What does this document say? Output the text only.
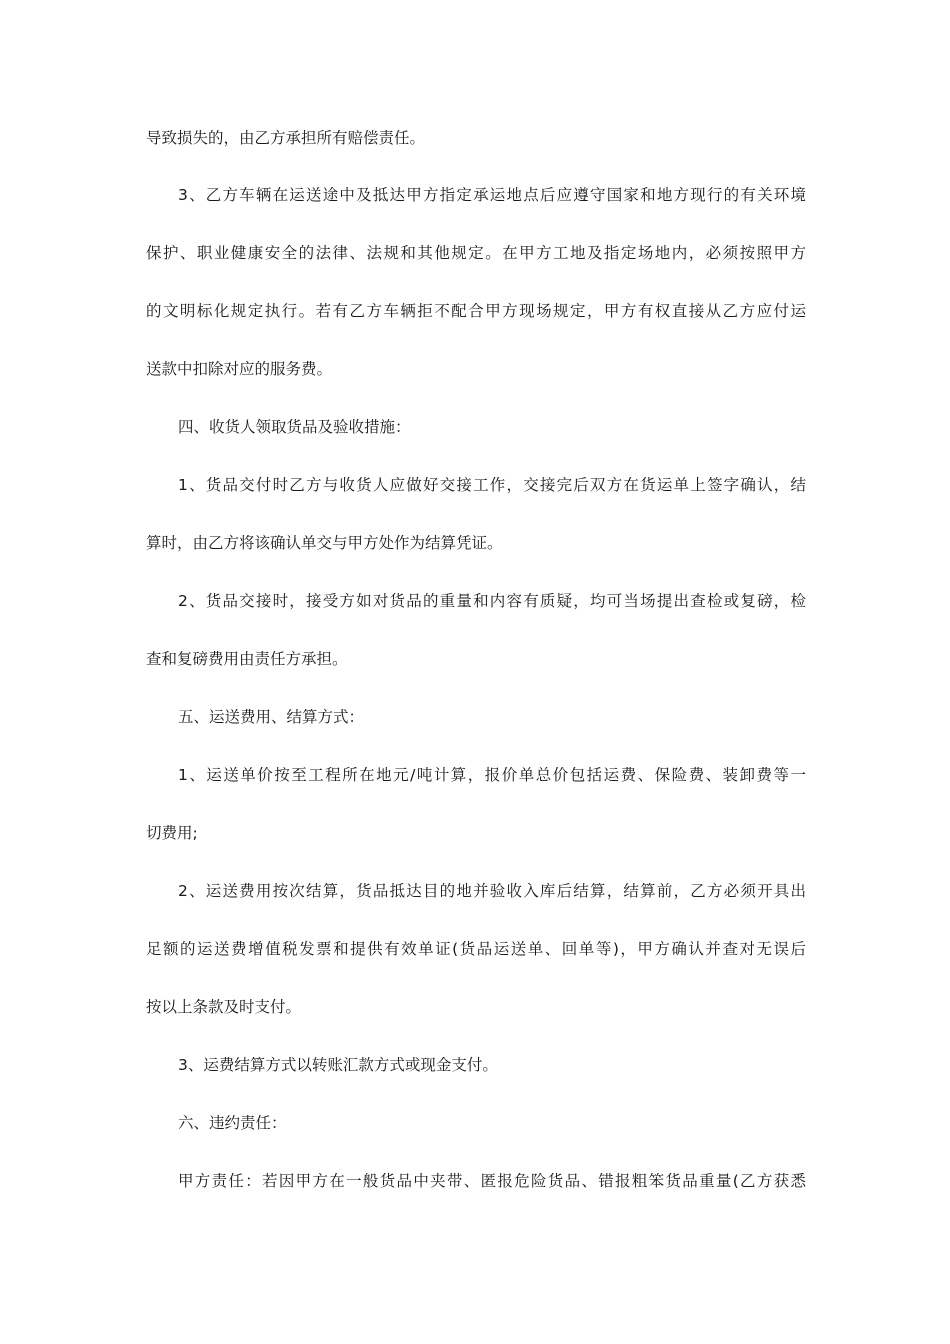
导致损失的，由乙方承担所有赔偿责任。
3、乙方车辆在运送途中及抵达甲方指定承运地点后应遵守国家和地方现行的有关环境
保护、职业健康安全的法律、法规和其他规定。在甲方工地及指定场地内，必须按照甲方
的文明标化规定执行。若有乙方车辆拒不配合甲方现场规定，甲方有权直接从乙方应付运
送款中扣除对应的服务费。
四、收货人领取货品及验收措施：
1、货品交付时乙方与收货人应做好交接工作，交接完后双方在货运单上签字确认，结
算时，由乙方将该确认单交与甲方处作为结算凭证。
2、货品交接时，接受方如对货品的重量和内容有质疑，均可当场提出查检或复磅，检
查和复磅费用由责任方承担。
五、运送费用、结算方式：
1、运送单价按至工程所在地元/吨计算，报价单总价包括运费、保险费、装卸费等一
切费用;
2、运送费用按次结算，货品抵达目的地并验收入库后结算，结算前，乙方必须开具出
足额的运送费增值税发票和提供有效单证(货品运送单、回单等)，甲方确认并查对无误后
按以上条款及时支付。
3、运费结算方式以转账汇款方式或现金支付。
六、违约责任：
甲方责任：若因甲方在一般货品中夹带、匿报危险货品、错报粗笨货品重量(乙方获悉
